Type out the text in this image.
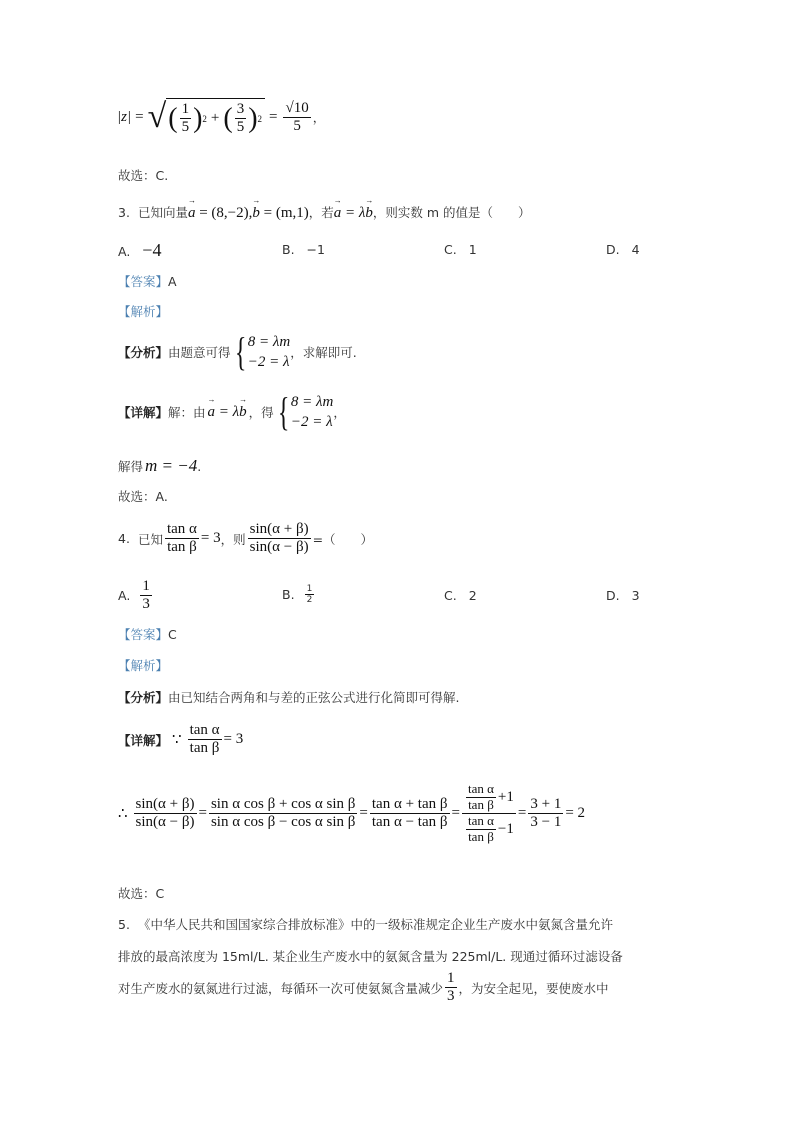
|z| = √ ( $\frac{1}{5}$ ) 2 + ( $\frac{3}{5}$ ) $2 = \frac{√10}{5}$ ，
故选：C.
3. 已知向量 → a = (8,−2),→ b = (m,1) ，若 → a = λ→ b ，则实数 m 的值是（　　）
A. −4	B. −1	C. 1	D. 4
【答案】A
【解析】
【分析】 由题意可得 { 8 = λm
−2 = λ
，求解即可.
【详解】 解：由 → a = λ→ b ，得 { 8 = λm
−2 = λ
，
解得 m = −4 .
故选：A.
4. 已知 $\frac{\text{tan α}}{\text{tan β}} = 3$ ，则 $\frac{\sin(\alpha + \beta)}{\sin(\alpha - \beta)}$ =（　　）
A. $\frac{1}{3}$	B. $\frac{1}{2}$	C. 2	D. 3
【答案】C
【解析】
【分析】由已知结合两角和与差的正弦公式进行化简即可得解.
【详解】 ∵ $\frac{\text{tan α}}{\text{tan β}} = 3$
∴ $\frac{\sin(\alpha + \beta)}{\sin(\alpha - \beta)} = \frac{\text{sin α cos β + cos α sin β}}{\text{sin α cos β − cos α sin β}} = \frac{\text{tan α + tan β}}{\text{tan α − tan β}} = \frac{\frac{\text{tan α}}{\text{tan β}} +1}{\frac{\text{tan α}}{\text{tan β}} -1} = \frac{3 + 1}{3 - 1} = 2$
故选：C
5. 《中华人民共和国国家综合排放标准》中的一级标准规定企业生产废水中氨氮含量允许
排放的最高浓度为 15ml/L. 某企业生产废水中的氨氮含量为 225ml/L. 现通过循环过滤设备
对生产废水的氨氮进行过滤，每循环一次可使氨氮含量减少 $\frac{1}{3}$ ，为安全起见，要使废水中
